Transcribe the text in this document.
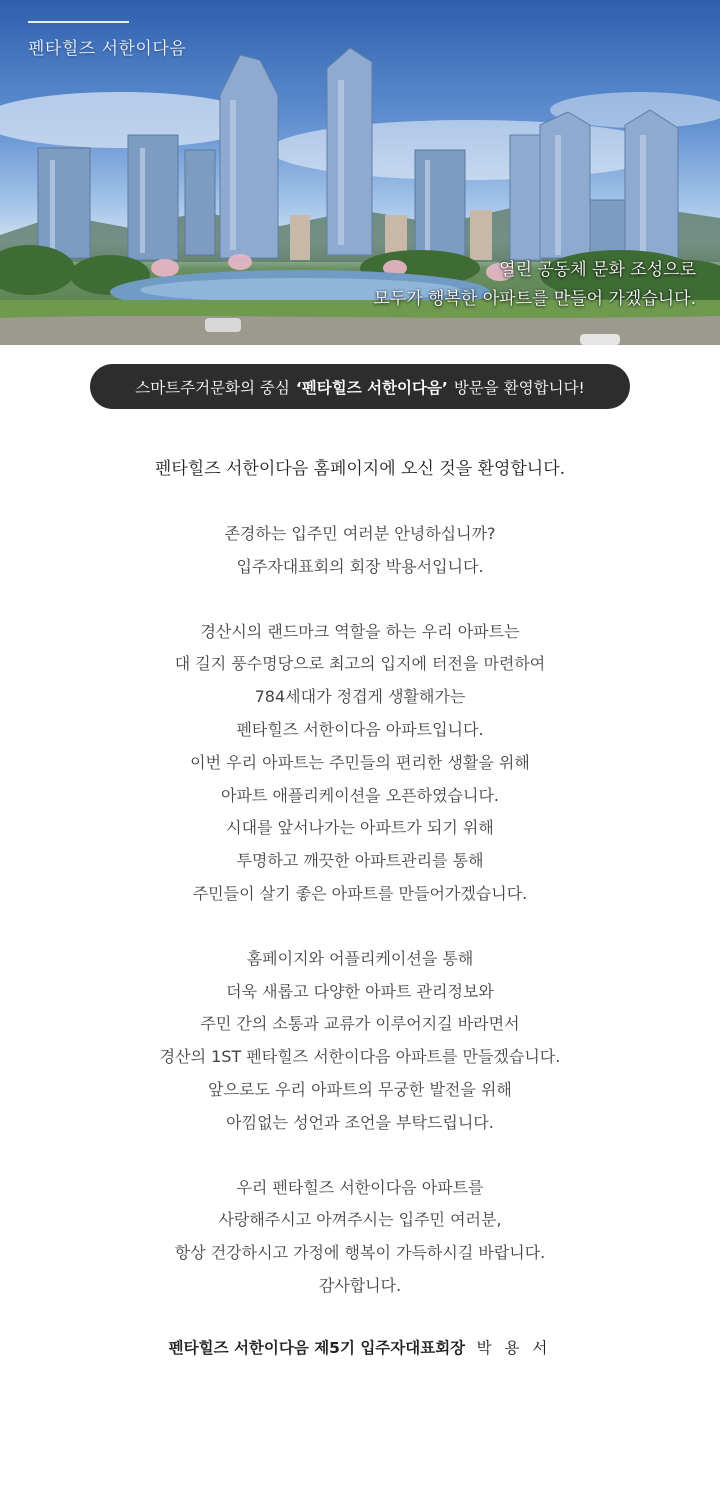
펜타힐즈 서한이다음
열린 공동체 문화 조성으로
모두가 행복한 아파트를 만들어 가겠습니다.
스마트주거문화의 중심 ‘펜타힐즈 서한이다음’ 방문을 환영합니다!

펜타힐즈 서한이다음 홈페이지에 오신 것을 환영합니다.

존경하는 입주민 여러분 안녕하십니까?

입주자대표회의 회장 박용서입니다.

경산시의 랜드마크 역할을 하는 우리 아파트는

대 길지 풍수명당으로 최고의 입지에 터전을 마련하여

784세대가 정겹게 생활해가는

펜타힐즈 서한이다음 아파트입니다.

이번 우리 아파트는 주민들의 편리한 생활을 위해

아파트 애플리케이션을 오픈하였습니다.

시대를 앞서나가는 아파트가 되기 위해

투명하고 깨끗한 아파트관리를 통해

주민들이 살기 좋은 아파트를 만들어가겠습니다.

홈페이지와 어플리케이션을 통해

더욱 새롭고 다양한 아파트 관리정보와

주민 간의 소통과 교류가 이루어지길 바라면서

경산의 1ST 펜타힐즈 서한이다음 아파트를 만들겠습니다.

앞으로도 우리 아파트의 무궁한 발전을 위해

아낌없는 성언과 조언을 부탁드립니다.

우리 펜타힐즈 서한이다음 아파트를

사랑해주시고 아껴주시는 입주민 여러분,

항상 건강하시고 가정에 행복이 가득하시길 바랍니다.

감사합니다.

펜타힐즈 서한이다음 제5기 입주자대표회장 박 용 서
